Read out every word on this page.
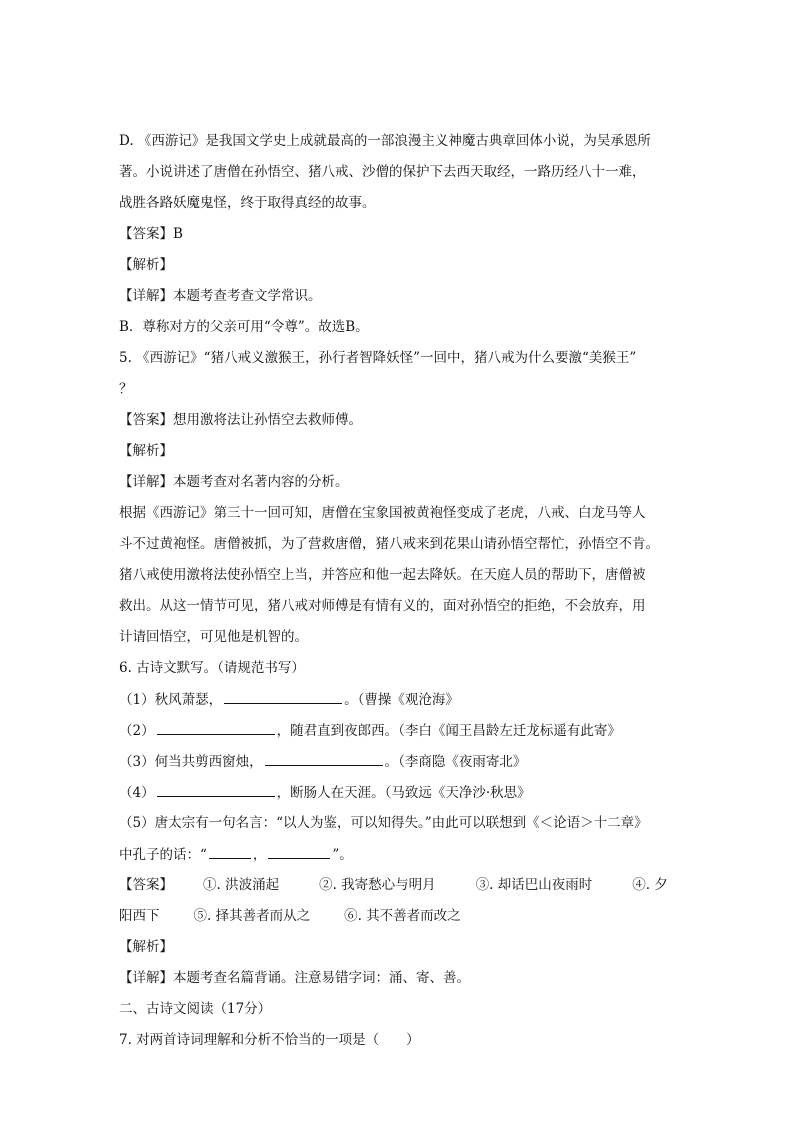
D. 《西游记》是我国文学史上成就最高的一部浪漫主义神魔古典章回体小说，为吴承恩所
著。小说讲述了唐僧在孙悟空、猪八戒、沙僧的保护下去西天取经，一路历经八十一难，
战胜各路妖魔鬼怪，终于取得真经的故事。
【答案】B
【解析】
【详解】本题考查考查文学常识。
B．尊称对方的父亲可用“令尊”。故选B。
5. 《西游记》“猪八戒义激猴王，孙行者智降妖怪”一回中，猪八戒为什么要激“美猴王”
？
【答案】想用激将法让孙悟空去救师傅。
【解析】
【详解】本题考查对名著内容的分析。
根据《西游记》第三十一回可知，唐僧在宝象国被黄袍怪变成了老虎，八戒、白龙马等人
斗不过黄袍怪。唐僧被抓，为了营救唐僧，猪八戒来到花果山请孙悟空帮忙，孙悟空不肯。
猪八戒使用激将法使孙悟空上当，并答应和他一起去降妖。在天庭人员的帮助下，唐僧被
救出。从这一情节可见，猪八戒对师傅是有情有义的，面对孙悟空的拒绝，不会放弃，用
计请回悟空，可见他是机智的。
6. 古诗文默写。（请规范书写）
（1）秋风萧瑟，	。（曹操《观沧海》
（2）	，随君直到夜郎西。（李白《闻王昌龄左迁龙标遥有此寄》
（3）何当共剪西窗烛，	。（李商隐《夜雨寄北》
（4）	，断肠人在天涯。（马致远《天净沙·秋思》
（5）唐太宗有一句名言：“以人为鉴，可以知得失。”由此可以联想到《＜论语＞十二章》
中孔子的话：“	，	”。
【答案】 ①. 洪波涌起	②. 我寄愁心与明月	③. 却话巴山夜雨时	④. 夕
阳西下	⑤. 择其善者而从之	⑥. 其不善者而改之
【解析】
【详解】本题考查名篇背诵。注意易错字词：涌、寄、善。
二、古诗文阅读（17分）
7. 对两首诗词理解和分析不恰当的一项是（　　）
